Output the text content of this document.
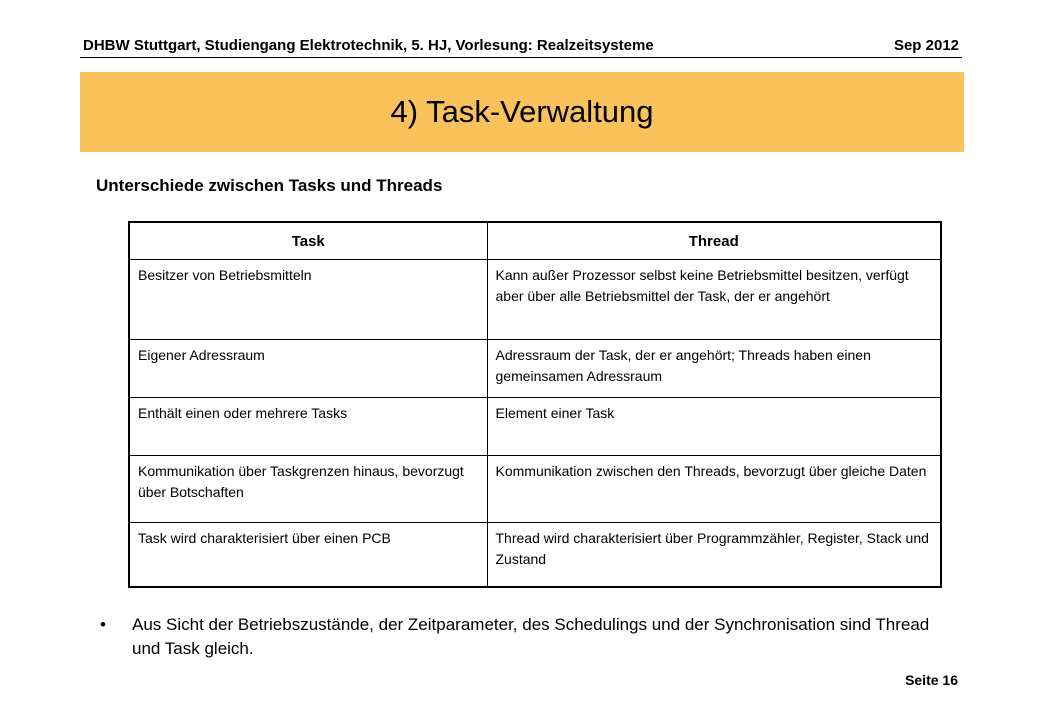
DHBW Stuttgart, Studiengang Elektrotechnik, 5. HJ, Vorlesung: Realzeitsysteme	Sep 2012
4) Task-Verwaltung
Unterschiede zwischen Tasks und Threads
Task	Thread
Besitzer von Betriebsmitteln	Kann außer Prozessor selbst keine Betriebsmittel besitzen, verfügt aber über alle Betriebsmittel der Task, der er angehört
Eigener Adressraum	Adressraum der Task, der er angehört; Threads haben einen gemeinsamen Adressraum
Enthält einen oder mehrere Tasks	Element einer Task
Kommunikation über Taskgrenzen hinaus, bevorzugt über Botschaften	Kommunikation zwischen den Threads, bevorzugt über gleiche Daten
Task wird charakterisiert über einen PCB	Thread wird charakterisiert über Programmzähler, Register, Stack und Zustand
•	Aus Sicht der Betriebszustände, der Zeitparameter, des Schedulings und der Synchronisation sind Thread und Task gleich.
Seite 16
